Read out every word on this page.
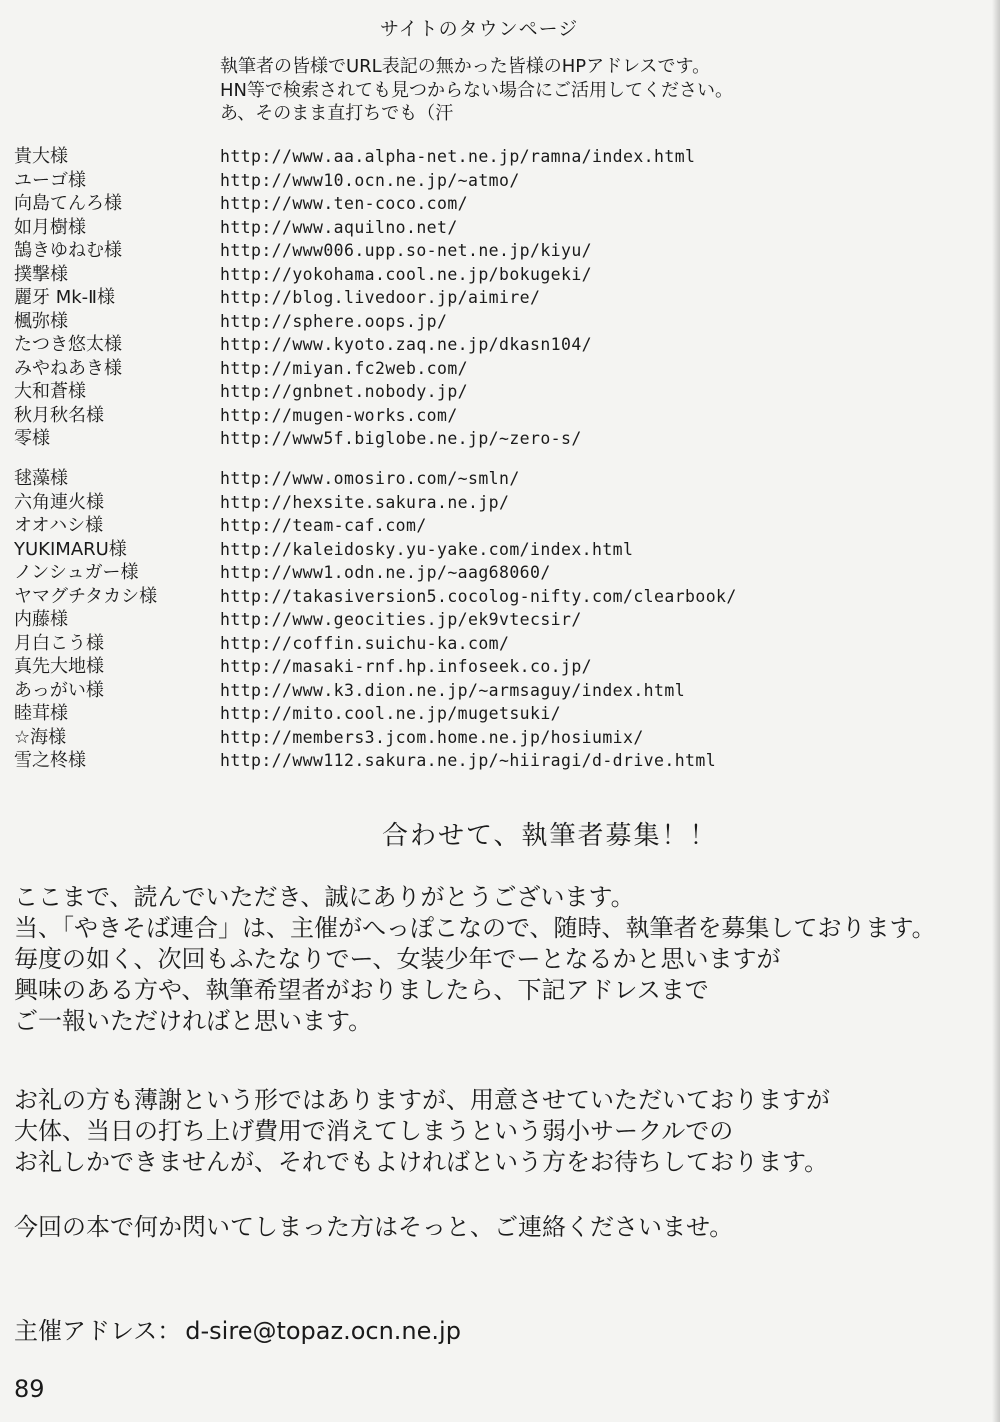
サイトのタウンページ
執筆者の皆様でURL表記の無かった皆様のHPアドレスです。
HN等で検索されても見つからない場合にご活用してください。
あ、そのまま直打ちでも（汗
貴大様	http://www.aa.alpha-net.ne.jp/ramna/index.html
ユーゴ様	http://www10.ocn.ne.jp/~atmo/
向島てんろ様	http://www.ten-coco.com/
如月樹様	http://www.aquilno.net/
鵠きゆねむ様	http://www006.upp.so-net.ne.jp/kiyu/
撲撃様	http://yokohama.cool.ne.jp/bokugeki/
麗牙 Mk-Ⅱ様	http://blog.livedoor.jp/aimire/
楓弥様	http://sphere.oops.jp/
たつき悠太様	http://www.kyoto.zaq.ne.jp/dkasn104/
みやねあき様	http://miyan.fc2web.com/
大和蒼様	http://gnbnet.nobody.jp/
秋月秋名様	http://mugen-works.com/
零様	http://www5f.biglobe.ne.jp/~zero-s/
毬藻様	http://www.omosiro.com/~smln/
六角連火様	http://hexsite.sakura.ne.jp/
オオハシ様	http://team-caf.com/
YUKIMARU様	http://kaleidosky.yu-yake.com/index.html
ノンシュガー様	http://www1.odn.ne.jp/~aag68060/
ヤマグチタカシ様	http://takasiversion5.cocolog-nifty.com/clearbook/
内藤様	http://www.geocities.jp/ek9vtecsir/
月白こう様	http://coffin.suichu-ka.com/
真先大地様	http://masaki-rnf.hp.infoseek.co.jp/
あっがい様	http://www.k3.dion.ne.jp/~armsaguy/index.html
睦茸様	http://mito.cool.ne.jp/mugetsuki/
☆海様	http://members3.jcom.home.ne.jp/hosiumix/
雪之柊様	http://www112.sakura.ne.jp/~hiiragi/d-drive.html
合わせて、執筆者募集！！
ここまで、読んでいただき、誠にありがとうございます。
当、「やきそば連合」は、主催がへっぽこなので、随時、執筆者を募集しております。
毎度の如く、次回もふたなりでー、女装少年でーとなるかと思いますが
興味のある方や、執筆希望者がおりましたら、下記アドレスまで
ご一報いただければと思います。
お礼の方も薄謝という形ではありますが、用意させていただいておりますが
大体、当日の打ち上げ費用で消えてしまうという弱小サークルでの
お礼しかできませんが、それでもよければという方をお待ちしております。
今回の本で何か閃いてしまった方はそっと、ご連絡くださいませ。
主催アドレス： d-sire@topaz.ocn.ne.jp
89
